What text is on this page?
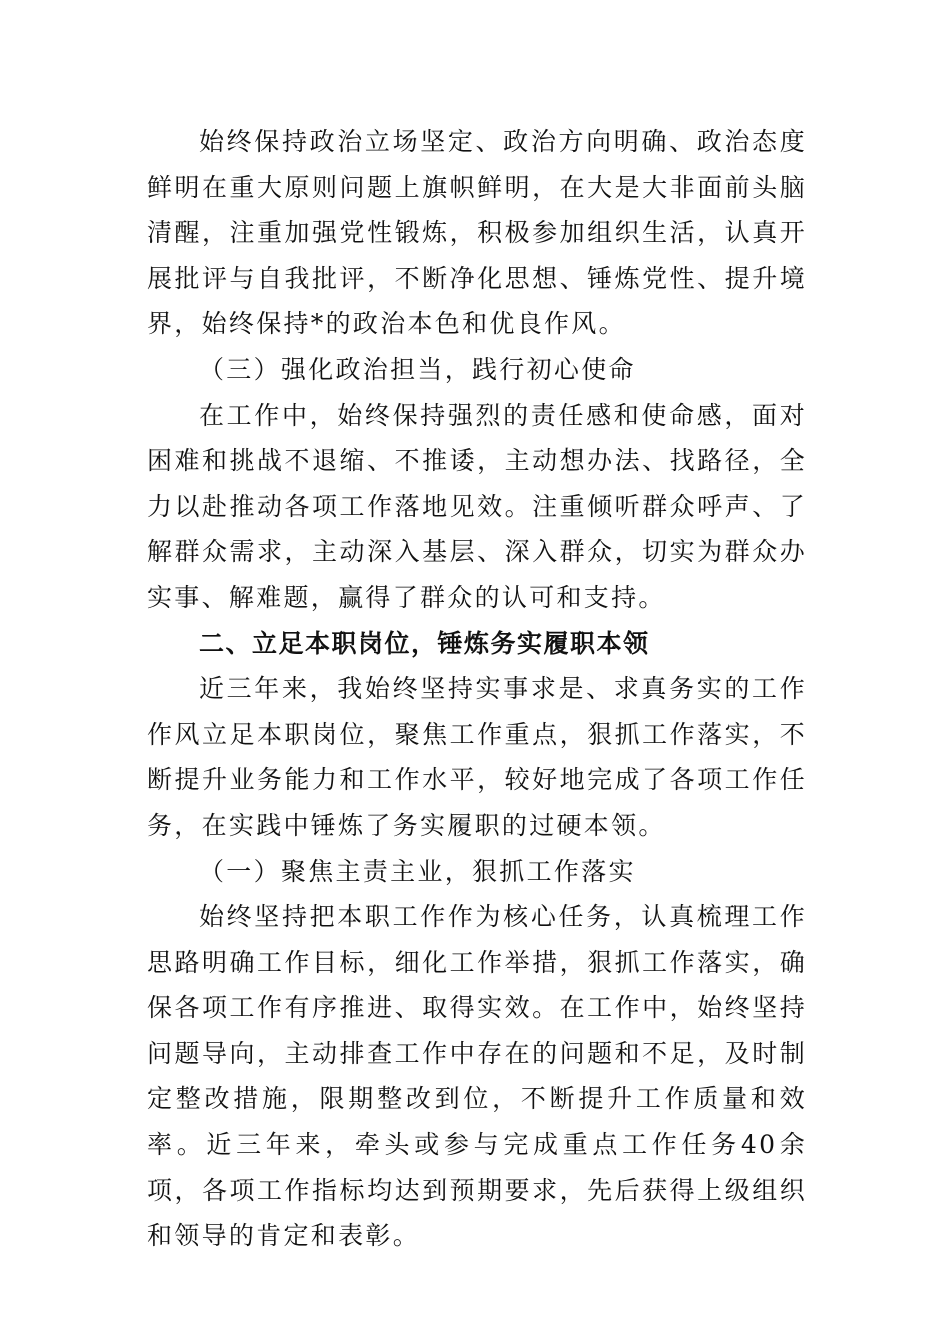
始终保持政治立场坚定、政治方向明确、政治态度鲜明在重大原则问题上旗帜鲜明，在大是大非面前头脑清醒，注重加强党性锻炼，积极参加组织生活，认真开展批评与自我批评，不断净化思想、锤炼党性、提升境界，始终保持*的政治本色和优良作风。

（三）强化政治担当，践行初心使命

在工作中，始终保持强烈的责任感和使命感，面对困难和挑战不退缩、不推诿，主动想办法、找路径，全力以赴推动各项工作落地见效。注重倾听群众呼声、了解群众需求，主动深入基层、深入群众，切实为群众办实事、解难题，赢得了群众的认可和支持。

二、立足本职岗位，锤炼务实履职本领

近三年来，我始终坚持实事求是、求真务实的工作作风立足本职岗位，聚焦工作重点，狠抓工作落实，不断提升业务能力和工作水平，较好地完成了各项工作任务，在实践中锤炼了务实履职的过硬本领。

（一）聚焦主责主业，狠抓工作落实

始终坚持把本职工作作为核心任务，认真梳理工作思路明确工作目标，细化工作举措，狠抓工作落实，确保各项工作有序推进、取得实效。在工作中，始终坚持问题导向，主动排查工作中存在的问题和不足，及时制定整改措施，限期整改到位，不断提升工作质量和效率。近三年来，牵头或参与完成重点工作任务40余项，各项工作指标均达到预期要求，先后获得上级组织和领导的肯定和表彰。
